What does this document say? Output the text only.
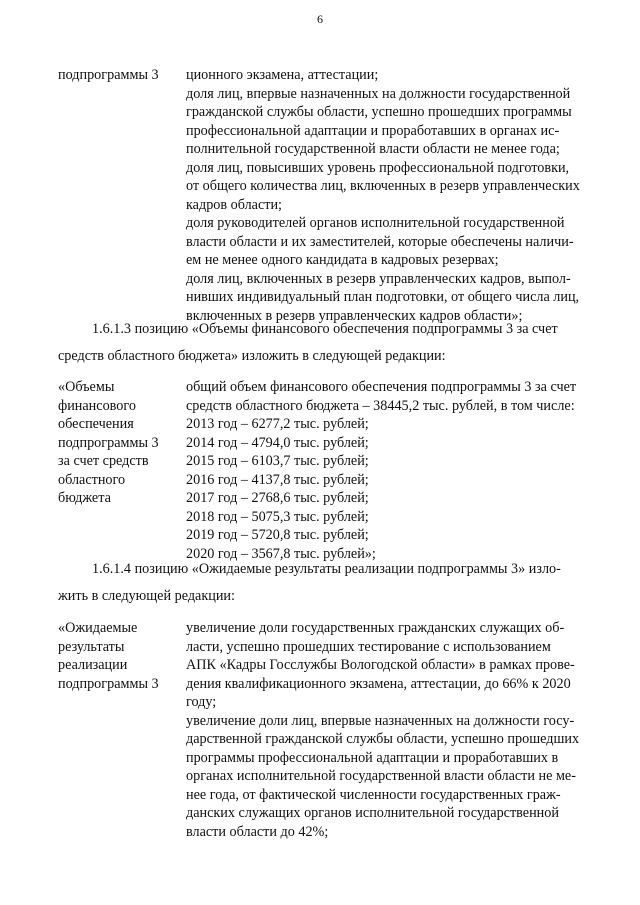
6
подпрограммы 3	ционного экзамена, аттестации;
доля лиц, впервые назначенных на должности государственной
гражданской службы области, успешно прошедших программы
профессиональной адаптации и проработавших в органах ис-
полнительной государственной власти области не менее года;
доля лиц, повысивших уровень профессиональной подготовки,
от общего количества лиц, включенных в резерв управленческих
кадров области;
доля руководителей органов исполнительной государственной
власти области и их заместителей, которые обеспечены наличи-
ем не менее одного кандидата в кадровых резервах;
доля лиц, включенных в резерв управленческих кадров, выпол-
нивших индивидуальный план подготовки, от общего числа лиц,
включенных в резерв управленческих кадров области»;
1.6.1.3 позицию «Объемы финансового обеспечения подпрограммы 3 за счет
средств областного бюджета» изложить в следующей редакции:
«Объемы
финансового
обеспечения
подпрограммы 3
за счет средств
областного
бюджета
общий объем финансового обеспечения подпрограммы 3 за счет
средств областного бюджета – 38445,2 тыс. рублей, в том числе:
2013 год – 6277,2 тыс. рублей;
2014 год – 4794,0 тыс. рублей;
2015 год – 6103,7 тыс. рублей;
2016 год – 4137,8 тыс. рублей;
2017 год – 2768,6 тыс. рублей;
2018 год – 5075,3 тыс. рублей;
2019 год – 5720,8 тыс. рублей;
2020 год – 3567,8 тыс. рублей»;
1.6.1.4 позицию «Ожидаемые результаты реализации подпрограммы 3» изло-
жить в следующей редакции:
«Ожидаемые
результаты
реализации
подпрограммы 3
увеличение доли государственных гражданских служащих об-
ласти, успешно прошедших тестирование с использованием
АПК «Кадры Госслужбы Вологодской области» в рамках прове-
дения квалификационного экзамена, аттестации, до 66% к 2020
году;
увеличение доли лиц, впервые назначенных на должности госу-
дарственной гражданской службы области, успешно прошедших
программы профессиональной адаптации и проработавших в
органах исполнительной государственной власти области не ме-
нее года, от фактической численности государственных граж-
данских служащих органов исполнительной государственной
власти области до 42%;
